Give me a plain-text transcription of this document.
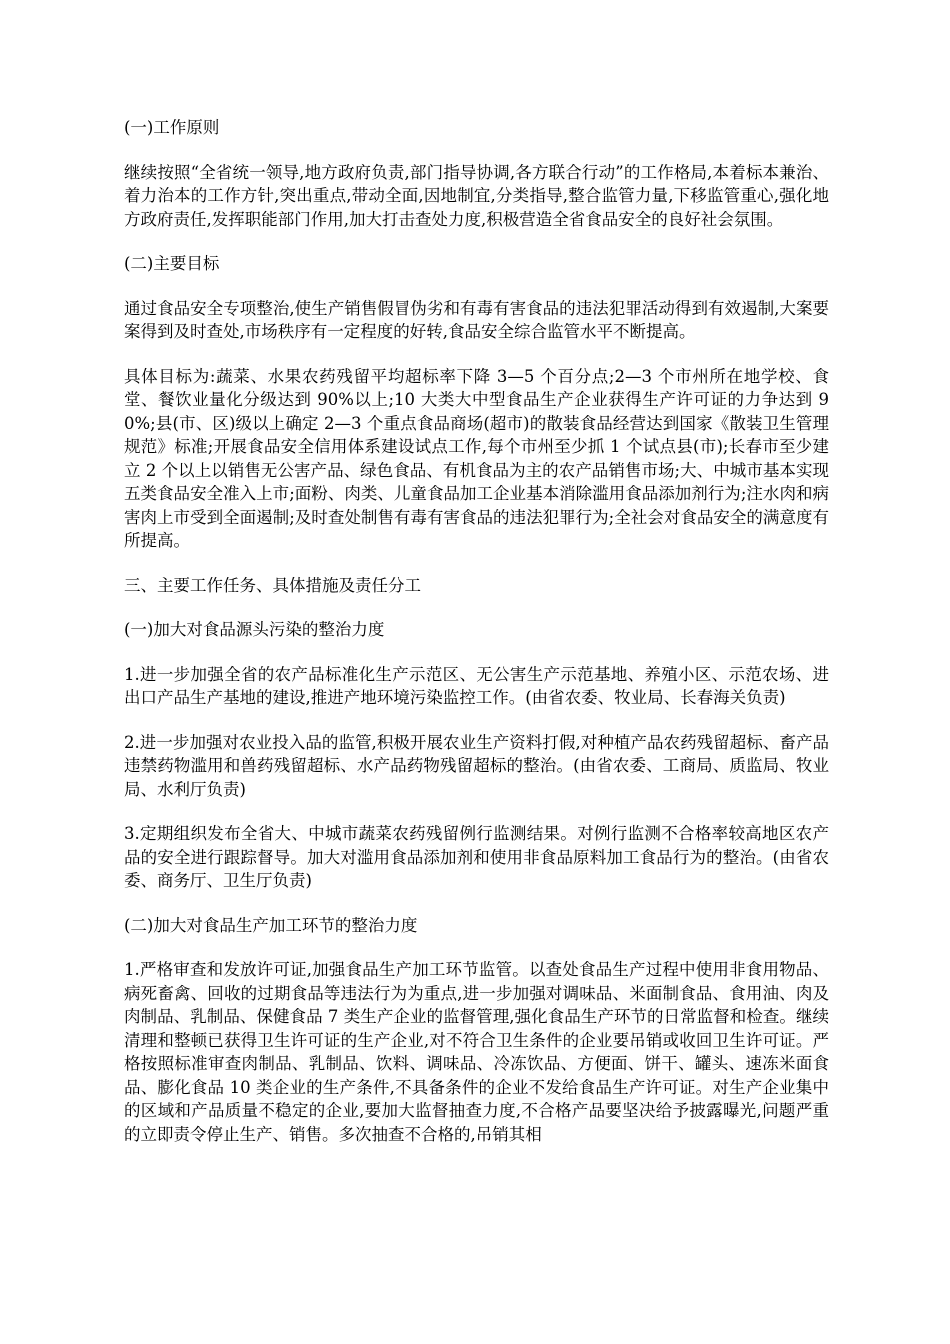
(一)工作原则

继续按照“全省统一领导,地方政府负责,部门指导协调,各方联合行动”的工作格局,本着标本兼治、着力治本的工作方针,突出重点,带动全面,因地制宜,分类指导,整合监管力量,下移监管重心,强化地方政府责任,发挥职能部门作用,加大打击查处力度,积极营造全省食品安全的良好社会氛围。

(二)主要目标

通过食品安全专项整治,使生产销售假冒伪劣和有毒有害食品的违法犯罪活动得到有效遏制,大案要案得到及时查处,市场秩序有一定程度的好转,食品安全综合监管水平不断提高。

具体目标为:蔬菜、水果农药残留平均超标率下降 3—5 个百分点;2—3 个市州所在地学校、食堂、餐饮业量化分级达到 90%以上;10 大类大中型食品生产企业获得生产许可证的力争达到 90%;县(市、区)级以上确定 2—3 个重点食品商场(超市)的散装食品经营达到国家《散装卫生管理规范》标准;开展食品安全信用体系建设试点工作,每个市州至少抓 1 个试点县(市);长春市至少建立 2 个以上以销售无公害产品、绿色食品、有机食品为主的农产品销售市场;大、中城市基本实现五类食品安全准入上市;面粉、肉类、儿童食品加工企业基本消除滥用食品添加剂行为;注水肉和病害肉上市受到全面遏制;及时查处制售有毒有害食品的违法犯罪行为;全社会对食品安全的满意度有所提高。

三、主要工作任务、具体措施及责任分工

(一)加大对食品源头污染的整治力度

1.进一步加强全省的农产品标准化生产示范区、无公害生产示范基地、养殖小区、示范农场、进出口产品生产基地的建设,推进产地环境污染监控工作。(由省农委、牧业局、长春海关负责)

2.进一步加强对农业投入品的监管,积极开展农业生产资料打假,对种植产品农药残留超标、畜产品违禁药物滥用和兽药残留超标、水产品药物残留超标的整治。(由省农委、工商局、质监局、牧业局、水利厅负责)

3.定期组织发布全省大、中城市蔬菜农药残留例行监测结果。对例行监测不合格率较高地区农产品的安全进行跟踪督导。加大对滥用食品添加剂和使用非食品原料加工食品行为的整治。(由省农委、商务厅、卫生厅负责)

(二)加大对食品生产加工环节的整治力度

1.严格审查和发放许可证,加强食品生产加工环节监管。以查处食品生产过程中使用非食用物品、病死畜禽、回收的过期食品等违法行为为重点,进一步加强对调味品、米面制食品、食用油、肉及肉制品、乳制品、保健食品 7 类生产企业的监督管理,强化食品生产环节的日常监督和检查。继续清理和整顿已获得卫生许可证的生产企业,对不符合卫生条件的企业要吊销或收回卫生许可证。严格按照标准审查肉制品、乳制品、饮料、调味品、冷冻饮品、方便面、饼干、罐头、速冻米面食品、膨化食品 10 类企业的生产条件,不具备条件的企业不发给食品生产许可证。对生产企业集中的区域和产品质量不稳定的企业,要加大监督抽查力度,不合格产品要坚决给予披露曝光,问题严重的立即责令停止生产、销售。多次抽查不合格的,吊销其相
